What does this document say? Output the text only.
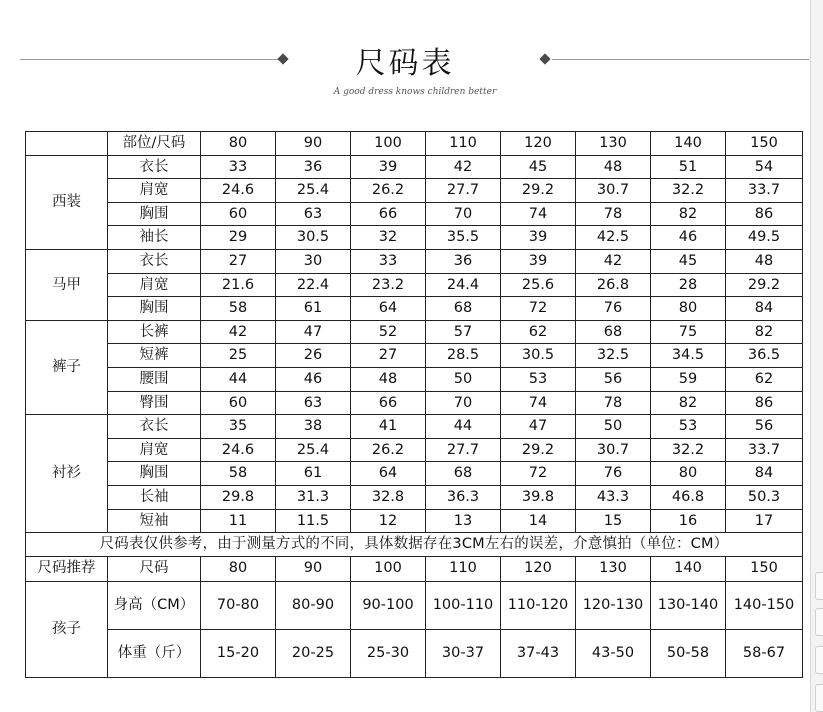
尺码表
A good dress knows children better
	部位/尺码	80	90	100	110	120	130	140	150
西装	衣长	33	36	39	42	45	48	51	54
	肩宽	24.6	25.4	26.2	27.7	29.2	30.7	32.2	33.7
	胸围	60	63	66	70	74	78	82	86
	袖长	29	30.5	32	35.5	39	42.5	46	49.5
马甲	衣长	27	30	33	36	39	42	45	48
	肩宽	21.6	22.4	23.2	24.4	25.6	26.8	28	29.2
	胸围	58	61	64	68	72	76	80	84
裤子	长裤	42	47	52	57	62	68	75	82
	短裤	25	26	27	28.5	30.5	32.5	34.5	36.5
	腰围	44	46	48	50	53	56	59	62
	臀围	60	63	66	70	74	78	82	86
衬衫	衣长	35	38	41	44	47	50	53	56
	肩宽	24.6	25.4	26.2	27.7	29.2	30.7	32.2	33.7
	胸围	58	61	64	68	72	76	80	84
	长袖	29.8	31.3	32.8	36.3	39.8	43.3	46.8	50.3
	短袖	11	11.5	12	13	14	15	16	17
尺码表仅供参考，由于测量方式的不同，具体数据存在3CM左右的误差，介意慎拍（单位：CM）									
尺码推荐	尺码	80	90	100	110	120	130	140	150
孩子	身高（CM）	70-80	80-90	90-100	100-110	110-120	120-130	130-140	140-150
	体重（斤）	15-20	20-25	25-30	30-37	37-43	43-50	50-58	58-67
